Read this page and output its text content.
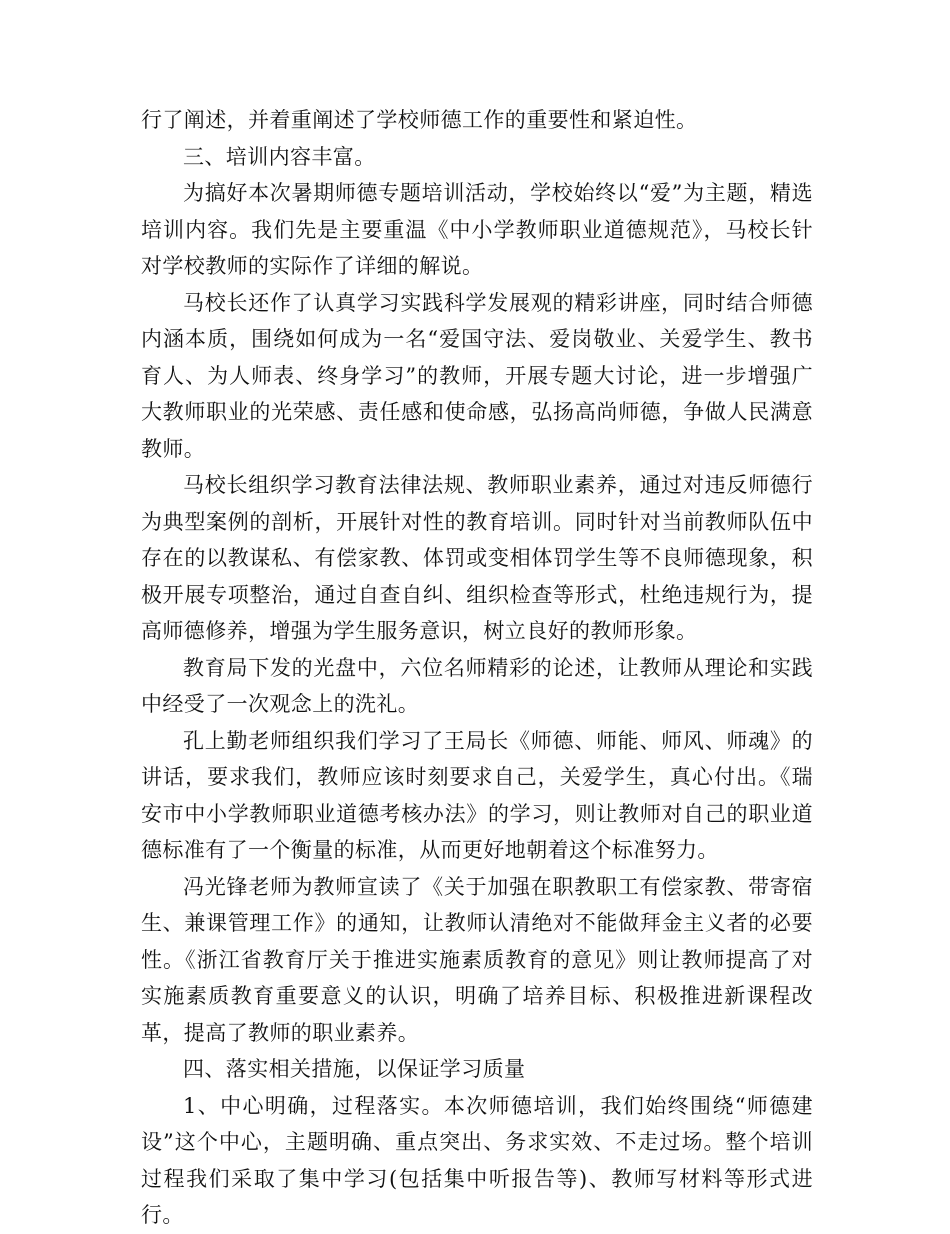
行了阐述，并着重阐述了学校师德工作的重要性和紧迫性。

三、培训内容丰富。

为搞好本次暑期师德专题培训活动，学校始终以“爱”为主题，精选培训内容。我们先是主要重温《中小学教师职业道德规范》，马校长针对学校教师的实际作了详细的解说。

马校长还作了认真学习实践科学发展观的精彩讲座，同时结合师德内涵本质，围绕如何成为一名“爱国守法、爱岗敬业、关爱学生、教书育人、为人师表、终身学习”的教师，开展专题大讨论，进一步增强广大教师职业的光荣感、责任感和使命感，弘扬高尚师德，争做人民满意教师。

马校长组织学习教育法律法规、教师职业素养，通过对违反师德行为典型案例的剖析，开展针对性的教育培训。同时针对当前教师队伍中存在的以教谋私、有偿家教、体罚或变相体罚学生等不良师德现象，积极开展专项整治，通过自查自纠、组织检查等形式，杜绝违规行为，提高师德修养，增强为学生服务意识，树立良好的教师形象。

教育局下发的光盘中，六位名师精彩的论述，让教师从理论和实践中经受了一次观念上的洗礼。

孔上勤老师组织我们学习了王局长《师德、师能、师风、师魂》的讲话，要求我们，教师应该时刻要求自己，关爱学生，真心付出。《瑞安市中小学教师职业道德考核办法》的学习，则让教师对自己的职业道德标准有了一个衡量的标准，从而更好地朝着这个标准努力。

冯光锋老师为教师宣读了《关于加强在职教职工有偿家教、带寄宿生、兼课管理工作》的通知，让教师认清绝对不能做拜金主义者的必要性。《浙江省教育厅关于推进实施素质教育的意见》则让教师提高了对实施素质教育重要意义的认识，明确了培养目标、积极推进新课程改革，提高了教师的职业素养。

四、落实相关措施，以保证学习质量

1、中心明确，过程落实。本次师德培训，我们始终围绕“师德建设”这个中心，主题明确、重点突出、务求实效、不走过场。整个培训过程我们采取了集中学习(包括集中听报告等)、教师写材料等形式进行。
